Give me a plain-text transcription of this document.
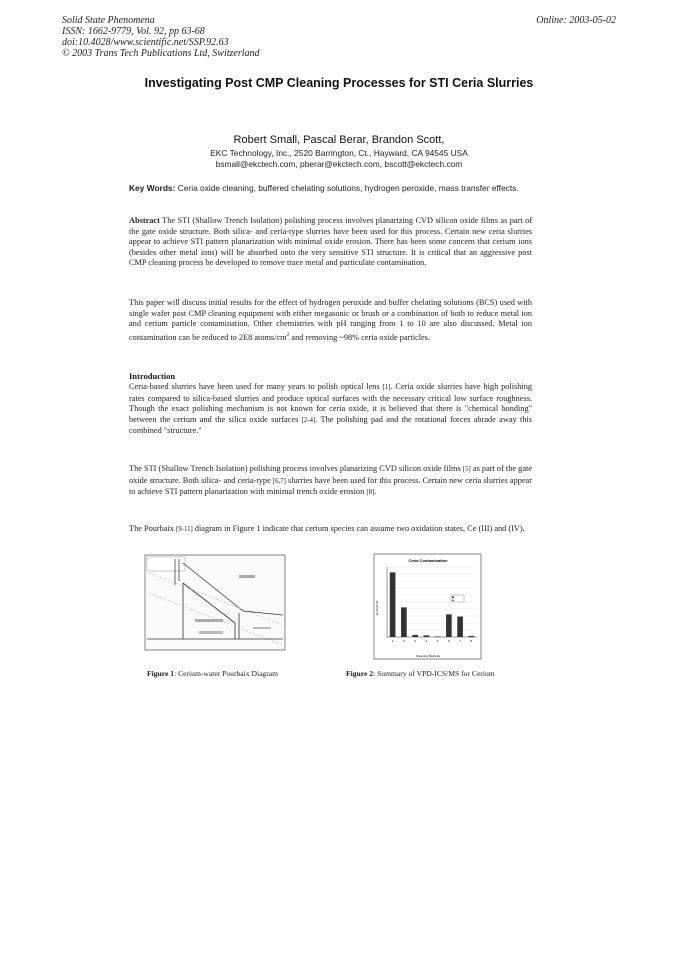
Solid State Phenomena
ISSN: 1662-9779, Vol. 92, pp 63-68
doi:10.4028/www.scientific.net/SSP.92.63
© 2003 Trans Tech Publications Ltd, Switzerland
Online: 2003-05-02
Investigating Post CMP Cleaning Processes for STI Ceria Slurries
Robert Small, Pascal Berar, Brandon Scott,
EKC Technology, Inc., 2520 Barrington, Ct., Hayward, CA 94545 USA
bsmall@ekctech.com, pberar@ekctech.com, bscott@ekctech.com

Key Words: Ceria oxide cleaning, buffered chelating solutions, hydrogen peroxide, mass transfer effects.

Abstract The STI (Shallow Trench Isolation) polishing process involves planarizing CVD silicon oxide films as part of the gate oxide structure. Both silica- and ceria-type slurries have been used for this process. Certain new ceria slurries appear to achieve STI pattern planarization with minimal oxide erosion. There has been some concern that cerium ions (besides other metal ions) will be absorbed onto the very sensitive STI structure. It is critical that an aggressive post CMP cleaning process be developed to remove trace metal and particulate contamination.

This paper will discuss initial results for the effect of hydrogen peroxide and buffer chelating solutions (BCS) used with single wafer post CMP cleaning equipment with either megasonic or brush or a combination of both to reduce metal ion and cerium particle contamination. Other chemistries with pH ranging from 1 to 10 are also discussed. Metal ion contamination can be reduced to 2E8 atoms/$cm^2$ and removing ~98% ceria oxide particles.

Introduction

Ceria-based slurries have been used for many years to polish optical lens [1]. Ceria oxide slurries have high polishing rates compared to silica-based slurries and produce optical surfaces with the necessary critical low surface roughness. Though the exact polishing mechanism is not known for ceria oxide, it is believed that there is "chemical bonding" between the cerium and the silica oxide surfaces [2-4]. The polishing pad and the rotational forces abrade away this combined "structure."

The STI (Shallow Trench Isolation) polishing process involves planarizing CVD silicon oxide films [5] as part of the gate oxide structure. Both silica- and ceria-type [6,7] slurries have been used for this process. Certain new ceria slurries appear to achieve STI pattern planarization with minimal trench oxide erosion [8].

The Pourbaix [9-11] diagram in Figure 1 indicate that cerium species can assume two oxidation states, Ce (III) and (IV).

Figure 1: Cerium-water Pourbaix Diagram
Ceria Contamination
Cleaning Methods
atoms/cm2
1	2	3	4	5	6	7	8
Figure 2: Summary of VPD-ICS/MS for Cerium
